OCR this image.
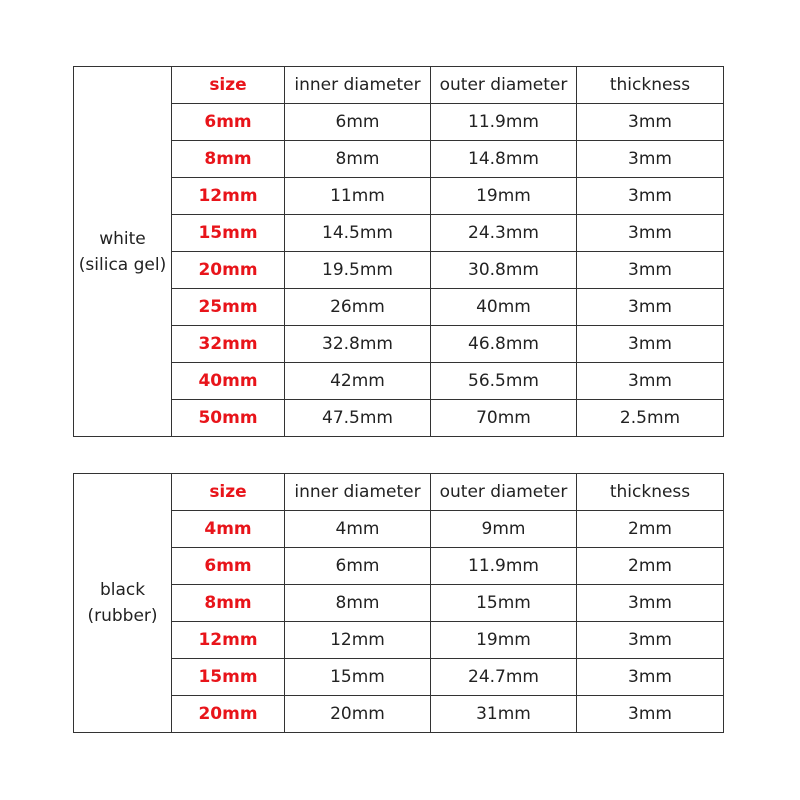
white
(silica gel)	size	inner diameter	outer diameter	thickness
	6mm	6mm	11.9mm	3mm
	8mm	8mm	14.8mm	3mm
	12mm	11mm	19mm	3mm
	15mm	14.5mm	24.3mm	3mm
	20mm	19.5mm	30.8mm	3mm
	25mm	26mm	40mm	3mm
	32mm	32.8mm	46.8mm	3mm
	40mm	42mm	56.5mm	3mm
	50mm	47.5mm	70mm	2.5mm
black
(rubber)	size	inner diameter	outer diameter	thickness
	4mm	4mm	9mm	2mm
	6mm	6mm	11.9mm	2mm
	8mm	8mm	15mm	3mm
	12mm	12mm	19mm	3mm
	15mm	15mm	24.7mm	3mm
	20mm	20mm	31mm	3mm
